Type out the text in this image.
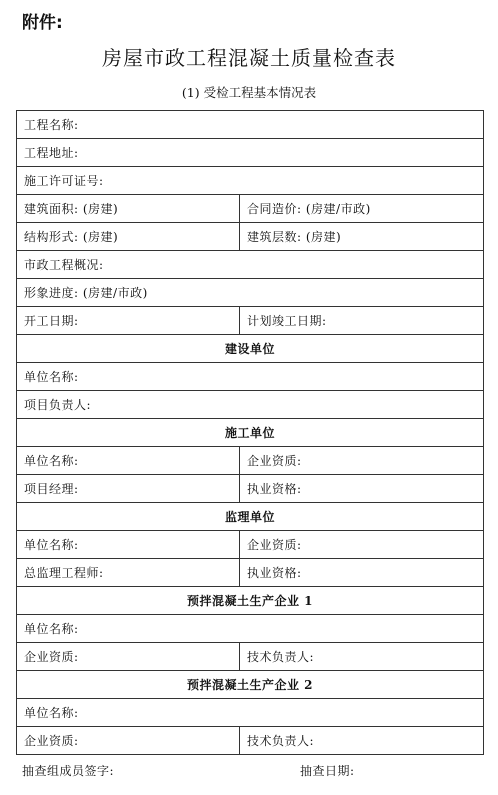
附件:
房屋市政工程混凝土质量检查表
(1) 受检工程基本情况表
工程名称:	
工程地址:	
施工许可证号:	
建筑面积: (房建)	合同造价: (房建/市政)
结构形式: (房建)	建筑层数: (房建)
市政工程概况:	
形象进度: (房建/市政)	
开工日期:	计划竣工日期:
建设单位	
单位名称:	
项目负责人:	
施工单位	
单位名称:	企业资质:
项目经理:	执业资格:
监理单位	
单位名称:	企业资质:
总监理工程师:	执业资格:
预拌混凝土生产企业 1	
单位名称:	
企业资质:	技术负责人:
预拌混凝土生产企业 2	
单位名称:	
企业资质:	技术负责人:
抽查组成员签字:	抽查日期:
